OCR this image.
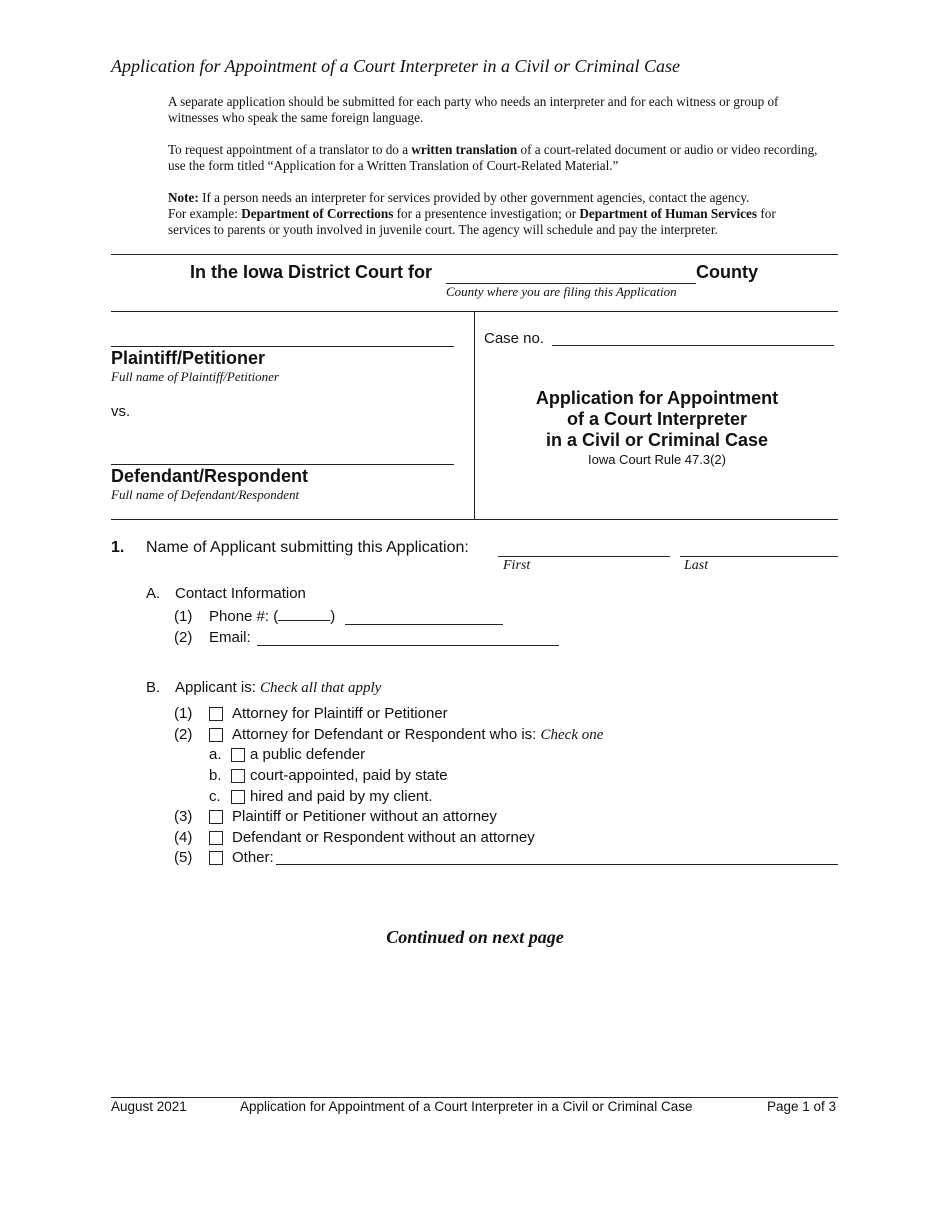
Application for Appointment of a Court Interpreter in a Civil or Criminal Case
A separate application should be submitted for each party who needs an interpreter and for each witness or group of witnesses who speak the same foreign language.
To request appointment of a translator to do a written translation of a court-related document or audio or video recording, use the form titled “Application for a Written Translation of Court-Related Material.”
Note: If a person needs an interpreter for services provided by other government agencies, contact the agency.
For example: Department of Corrections for a presentence investigation; or Department of Human Services for
services to parents or youth involved in juvenile court. The agency will schedule and pay the interpreter.
In the Iowa District Court for	County
County where you are filing this Application
Plaintiff/Petitioner
Full name of Plaintiff/Petitioner
vs.
Defendant/Respondent
Full name of Defendant/Respondent
Case no.
Application for Appointment
of a Court Interpreter
in a Civil or Criminal Case
Iowa Court Rule 47.3(2)
1. Name of Applicant submitting this Application:
First	Last
A. Contact Information
(1) Phone #: (	)
(2) Email:
B. Applicant is: Check all that apply
(1)	Attorney for Plaintiff or Petitioner
(2)	Attorney for Defendant or Respondent who is: Check one
a. a public defender
b. court-appointed, paid by state
c. hired and paid by my client.
(3)	Plaintiff or Petitioner without an attorney
(4)	Defendant or Respondent without an attorney
(5)	Other:
Continued on next page
August 2021	Application for Appointment of a Court Interpreter in a Civil or Criminal Case	Page 1 of 3
